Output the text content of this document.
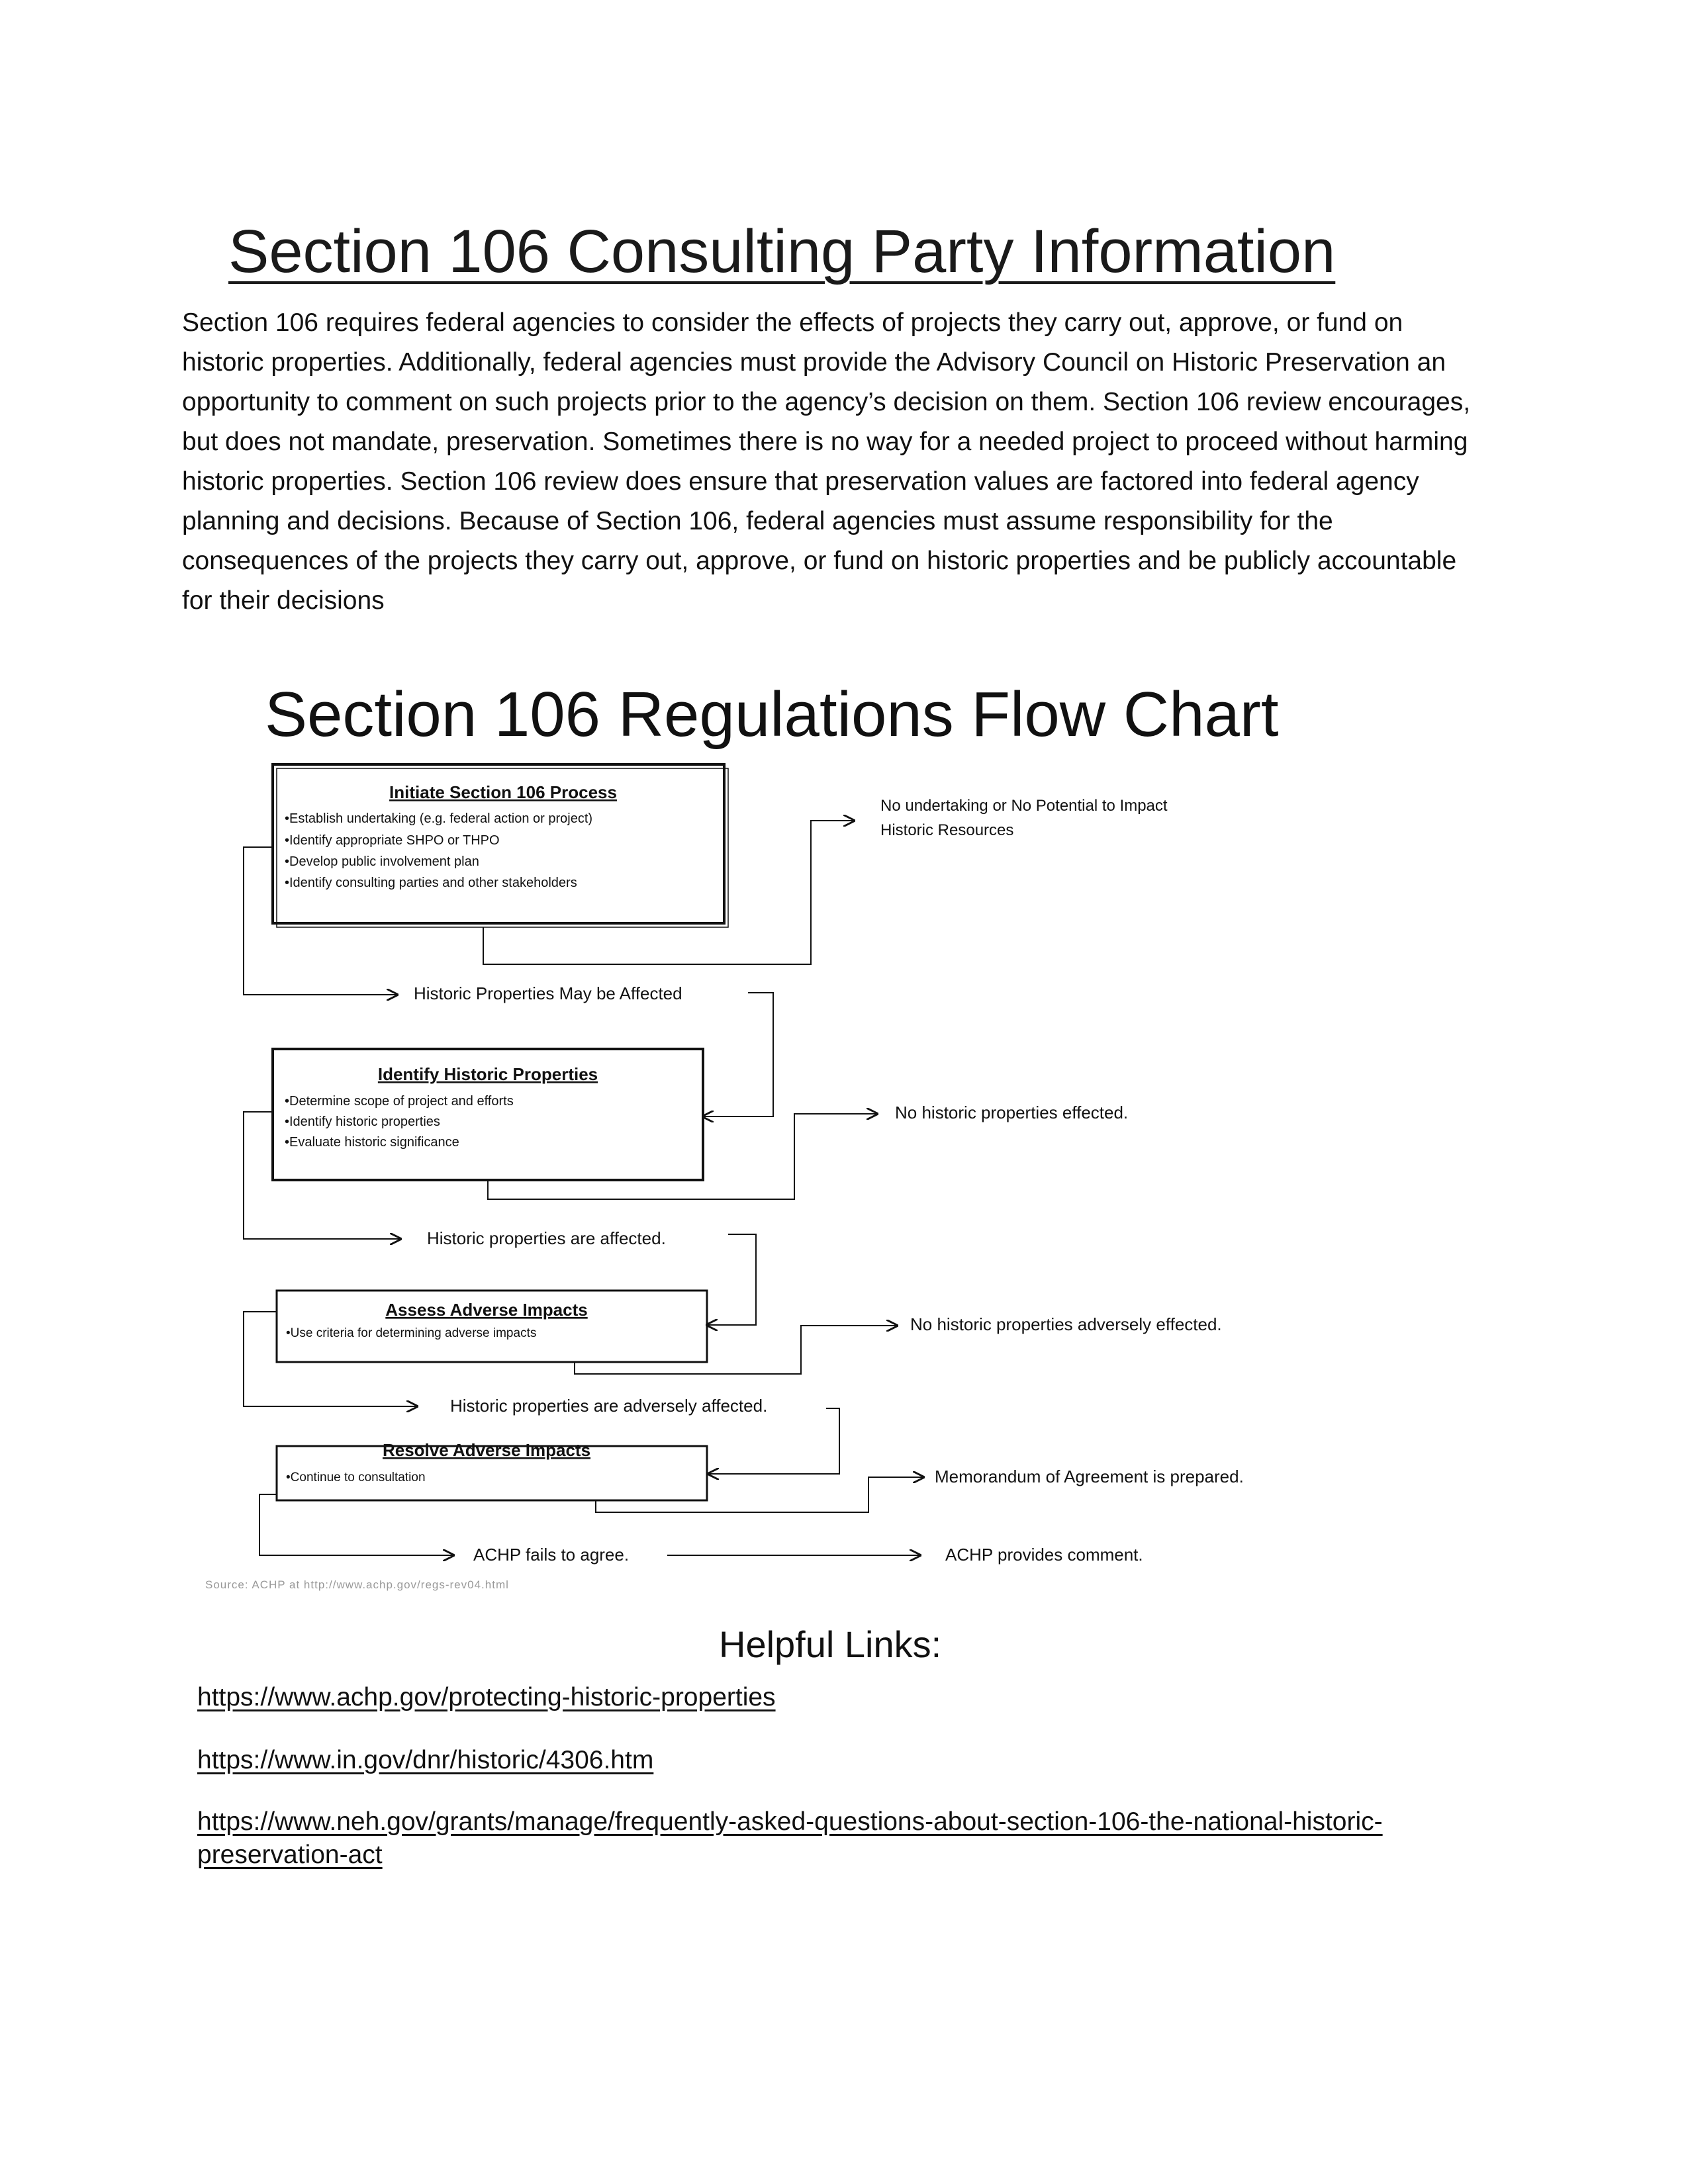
Section 106 Consulting Party Information
Section 106 requires federal agencies to consider the effects of projects they carry out, approve, or fund on historic properties. Additionally, federal agencies must provide the Advisory Council on Historic Preservation an opportunity to comment on such projects prior to the agency’s decision on them. Section 106 review encourages, but does not mandate, preservation. Sometimes there is no way for a needed project to proceed without harming historic properties. Section 106 review does ensure that preservation values are factored into federal agency planning and decisions. Because of Section 106, federal agencies must assume responsibility for the consequences of the projects they carry out, approve, or fund on historic properties and be publicly accountable for their decisions
Section 106 Regulations Flow Chart
Initiate Section 106 Process
•Establish undertaking (e.g. federal action or project)
•Identify appropriate SHPO or THPO
•Develop public involvement plan
•Identify consulting parties and other stakeholders
No undertaking or No Potential to Impact
Historic Resources
Historic Properties May be Affected
Identify Historic Properties
•Determine scope of project and efforts
•Identify historic properties
•Evaluate historic significance
No historic properties effected.
Historic properties are affected.
Assess Adverse Impacts
•Use criteria for determining adverse impacts	No historic properties adversely effected.
Historic properties are adversely affected.
Resolve Adverse Impacts
•Continue to consultation	Memorandum of Agreement is prepared.
ACHP fails to agree.	ACHP provides comment.
Source: ACHP at http://www.achp.gov/regs-rev04.html
Helpful Links:
https://www.achp.gov/protecting-historic-properties
https://www.in.gov/dnr/historic/4306.htm
https://www.neh.gov/grants/manage/frequently-asked-questions-about-section-106-the-national-historic-preservation-act
